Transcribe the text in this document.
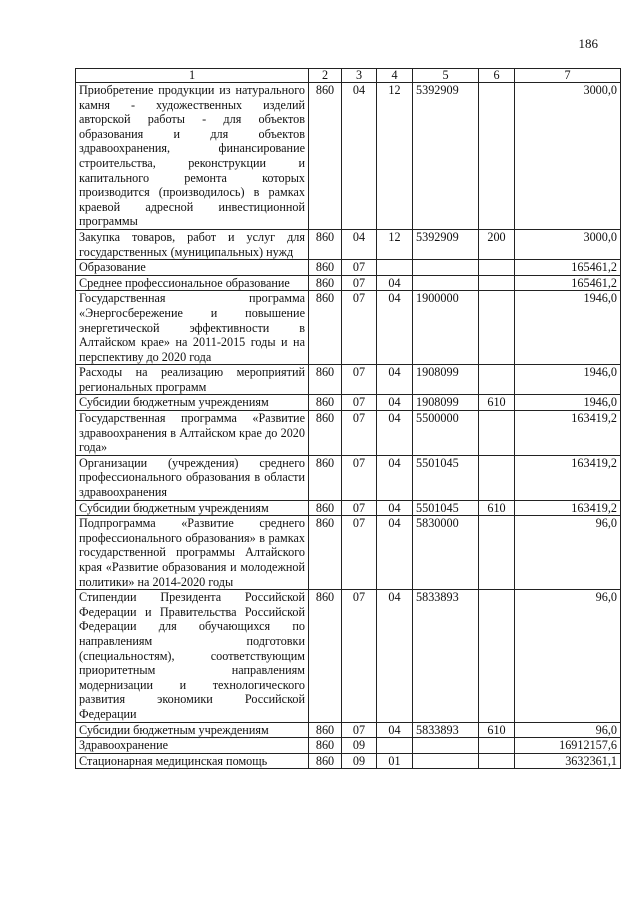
186
1	2	3	4	5	6	7
Приобретение продукции из натурального камня - художественных изделий авторской работы - для объектов образования и для объектов здравоохранения, финансирование строительства, реконструкции и капитального ремонта которых производится (производилось) в рамках краевой адресной инвестиционной программы	860	04	12	5392909		3000,0
Закупка товаров, работ и услуг для государственных (муниципальных) нужд	860	04	12	5392909	200	3000,0
Образование	860	07				165461,2
Среднее профессиональное образование	860	07	04			165461,2
Государственная программа «Энергосбережение и повышение энергетической эффективности в Алтайском крае» на 2011-2015 годы и на перспективу до 2020 года	860	07	04	1900000		1946,0
Расходы на реализацию мероприятий региональных программ	860	07	04	1908099		1946,0
Субсидии бюджетным учреждениям	860	07	04	1908099	610	1946,0
Государственная программа «Развитие здравоохранения в Алтайском крае до 2020 года»	860	07	04	5500000		163419,2
Организации (учреждения) среднего профессионального образования в области здравоохранения	860	07	04	5501045		163419,2
Субсидии бюджетным учреждениям	860	07	04	5501045	610	163419,2
Подпрограмма «Развитие среднего профессионального образования» в рамках государственной программы Алтайского края «Развитие образования и молодежной политики» на 2014-2020 годы	860	07	04	5830000		96,0
Стипендии Президента Российской Федерации и Правительства Российской Федерации для обучающихся по направлениям подготовки (специальностям), соответствующим приоритетным направлениям модернизации и технологического развития экономики Российской Федерации	860	07	04	5833893		96,0
Субсидии бюджетным учреждениям	860	07	04	5833893	610	96,0
Здравоохранение	860	09				16912157,6
Стационарная медицинская помощь	860	09	01			3632361,1
